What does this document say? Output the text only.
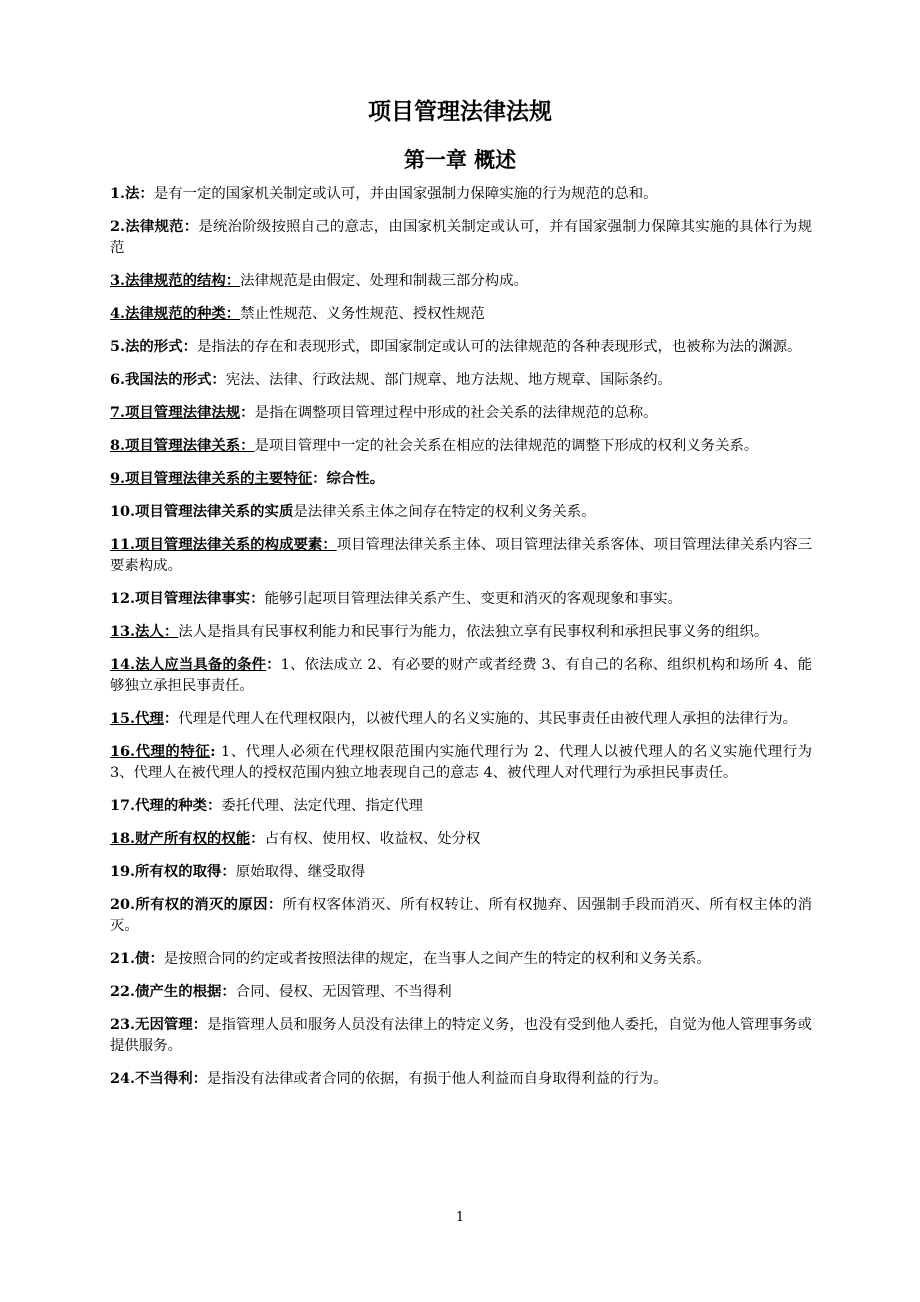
项目管理法律法规
第一章 概述
1.法：是有一定的国家机关制定或认可，并由国家强制力保障实施的行为规范的总和。
2.法律规范：是统治阶级按照自己的意志，由国家机关制定或认可，并有国家强制力保障其实施的具体行为规范
3.法律规范的结构：法律规范是由假定、处理和制裁三部分构成。
4.法律规范的种类：禁止性规范、义务性规范、授权性规范
5.法的形式：是指法的存在和表现形式，即国家制定或认可的法律规范的各种表现形式，也被称为法的渊源。
6.我国法的形式：宪法、法律、行政法规、部门规章、地方法规、地方规章、国际条约。
7.项目管理法律法规：是指在调整项目管理过程中形成的社会关系的法律规范的总称。
8.项目管理法律关系：是项目管理中一定的社会关系在相应的法律规范的调整下形成的权利义务关系。
9.项目管理法律关系的主要特征：综合性。
10.项目管理法律关系的实质是法律关系主体之间存在特定的权利义务关系。
11.项目管理法律关系的构成要素：项目管理法律关系主体、项目管理法律关系客体、项目管理法律关系内容三要素构成。
12.项目管理法律事实：能够引起项目管理法律关系产生、变更和消灭的客观现象和事实。
13.法人：法人是指具有民事权利能力和民事行为能力，依法独立享有民事权利和承担民事义务的组织。
14.法人应当具备的条件：1、依法成立 2、有必要的财产或者经费 3、有自己的名称、组织机构和场所 4、能够独立承担民事责任。
15.代理：代理是代理人在代理权限内，以被代理人的名义实施的、其民事责任由被代理人承担的法律行为。
16.代理的特征: 1、代理人必须在代理权限范围内实施代理行为 2、代理人以被代理人的名义实施代理行为 3、代理人在被代理人的授权范围内独立地表现自己的意志 4、被代理人对代理行为承担民事责任。
17.代理的种类：委托代理、法定代理、指定代理
18.财产所有权的权能：占有权、使用权、收益权、处分权
19.所有权的取得：原始取得、继受取得
20.所有权的消灭的原因：所有权客体消灭、所有权转让、所有权抛弃、因强制手段而消灭、所有权主体的消灭。
21.债：是按照合同的约定或者按照法律的规定，在当事人之间产生的特定的权利和义务关系。
22.债产生的根据：合同、侵权、无因管理、不当得利
23.无因管理：是指管理人员和服务人员没有法律上的特定义务，也没有受到他人委托，自觉为他人管理事务或提供服务。
24.不当得利：是指没有法律或者合同的依据，有损于他人利益而自身取得利益的行为。
1
